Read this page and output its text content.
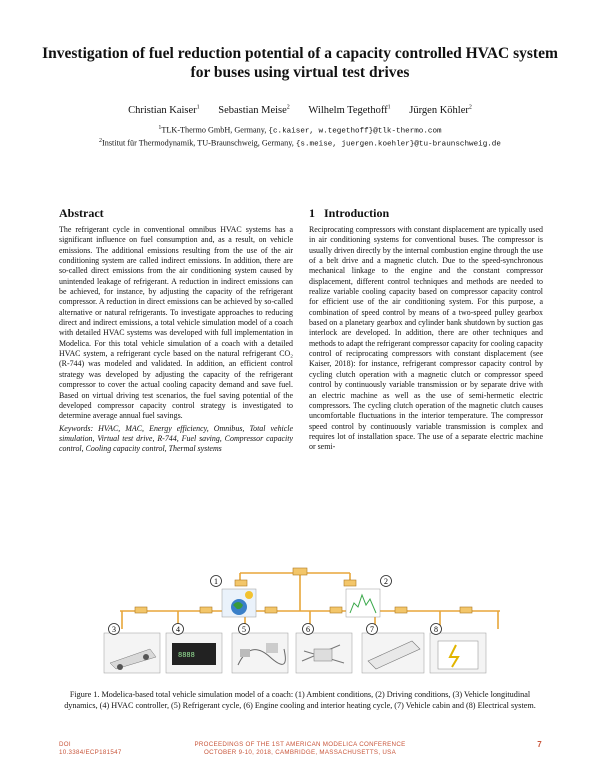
Investigation of fuel reduction potential of a capacity controlled HVAC system for buses using virtual test drives
Christian Kaiser$^1$ Sebastian Meise$^2$ Wilhelm Tegethoff$^1$ Jürgen Köhler$^2$
$^1$TLK-Thermo GmbH, Germany, {c.kaiser, w.tegethoff}@tlk-thermo.com
$^2$Institut für Thermodynamik, TU-Braunschweig, Germany, {s.meise, juergen.koehler}@tu-braunschweig.de
Abstract

The refrigerant cycle in conventional omnibus HVAC systems has a significant influence on fuel consumption and, as a result, on vehicle emissions. The additional emissions resulting from the use of the air conditioning system are called indirect emissions. In addition, there are so-called direct emissions from the air conditioning system caused by unintended leakage of refrigerant. A reduction in indirect emissions can be achieved, for instance, by adjusting the capacity of the refrigerant compressor. A reduction in direct emissions can be achieved by so-called alternative or natural refrigerants. To investigate approaches to reducing direct and indirect emissions, a total vehicle simulation model of a coach with detailed HVAC systems was developed with full implementation in Modelica. For this total vehicle simulation of a coach with a detailed HVAC system, a refrigerant cycle based on the natural refrigerant CO₂ (R-744) was modeled and validated. In addition, an efficient control strategy was developed by adjusting the capacity of the refrigerant compressor to cover the actual cooling capacity demand and save fuel. Based on virtual driving test scenarios, the fuel saving potential of the developed compressor capacity control strategy is investigated to determine average annual fuel savings.

Keywords: HVAC, MAC, Energy efficiency, Omnibus, Total vehicle simulation, Virtual test drive, R-744, Fuel saving, Compressor capacity control, Cooling capacity control, Thermal systems

1 Introduction

Reciprocating compressors with constant displacement are typically used in air conditioning systems for conventional buses. The compressor is usually driven directly by the internal combustion engine through the use of a belt drive and a magnetic clutch. Due to the speed-synchronous mechanical linkage to the engine and the constant compressor displacement, different control techniques and methods are needed to realize variable cooling capacity based on compressor capacity control for efficient use of the air conditioning system. For this purpose, a combination of speed control by means of a two-speed pulley gearbox based on a planetary gearbox and cylinder bank shutdown by suction gas interlock are developed. In addition, there are other techniques and methods to adapt the refrigerant compressor capacity for cooling capacity control of reciprocating compressors with constant displacement (see Kaiser, 2018): for instance, refrigerant compressor capacity control by cycling clutch operation with a magnetic clutch or compressor speed control by continuously variable transmission or by separate drive with an electric machine as well as the use of semi-hermetic electric compressors. The cycling clutch operation of the magnetic clutch causes uncomfortable fluctuations in the interior temperature. The compressor speed control by continuously variable transmission is complex and requires lot of installation space. The use of a separate electric machine or semi-

1	2
8888
3	4	5	6	7	8
Figure 1. Modelica-based total vehicle simulation model of a coach: (1) Ambient conditions, (2) Driving conditions, (3) Vehicle longitudinal dynamics, (4) HVAC controller, (5) Refrigerant cycle, (6) Engine cooling and interior heating cycle, (7) Vehicle cabin and (8) Electrical system.
DOI
10.3384/ECP181547
PROCEEDINGS OF THE 1ST AMERICAN MODELICA CONFERENCE
OCTOBER 9-10, 2018, CAMBRIDGE, MASSACHUSETTS, USA
7
